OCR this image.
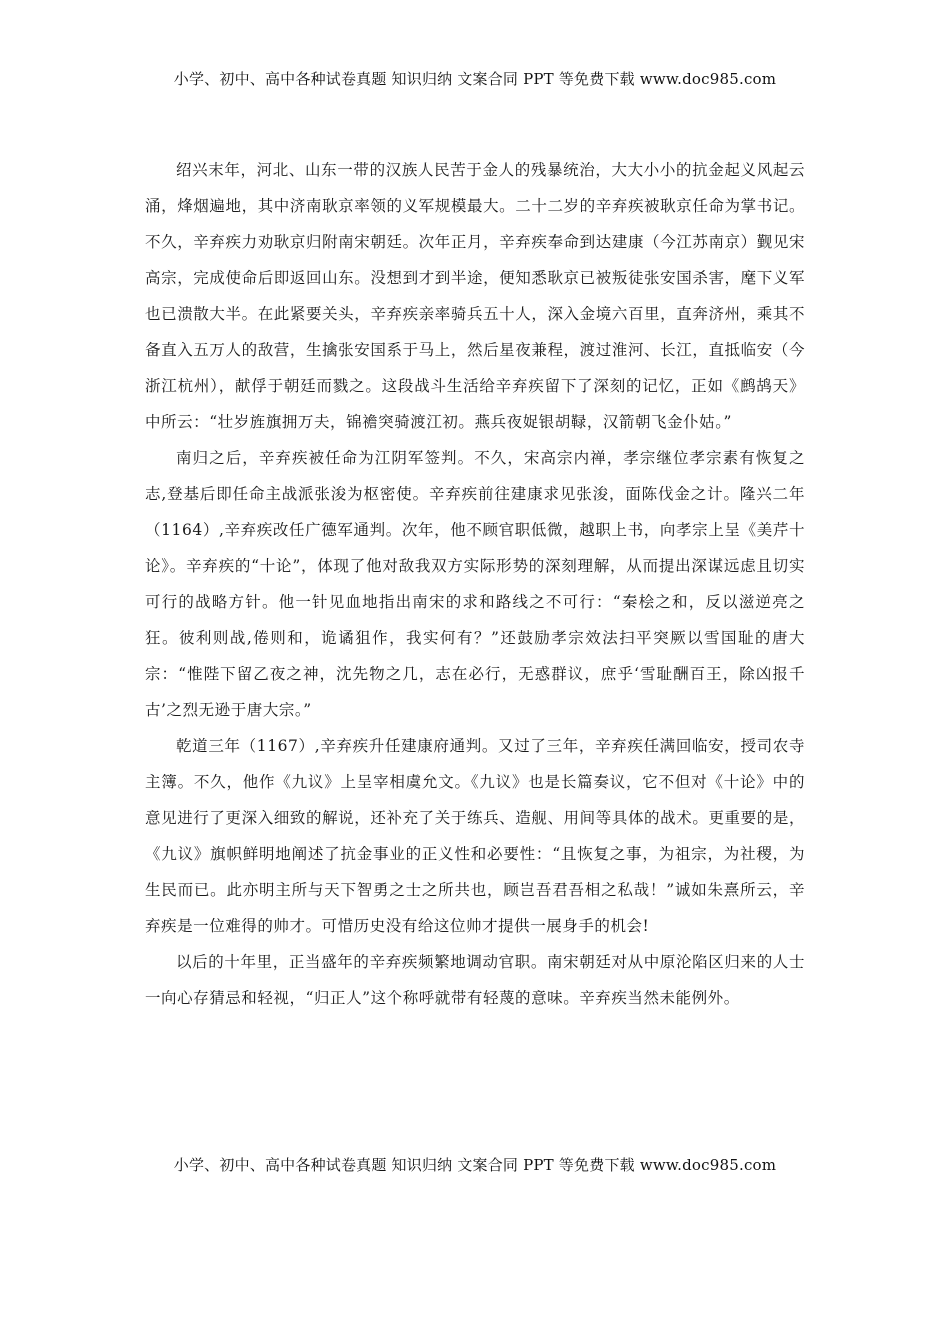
小学、初中、高中各种试卷真题 知识归纳 文案合同 PPT 等免费下载 www.doc985.com

绍兴末年，河北、山东一带的汉族人民苦于金人的残暴统治，大大小小的抗金起义风起云涌，烽烟遍地，其中济南耿京率领的义军规模最大。二十二岁的辛弃疾被耿京任命为掌书记。不久，辛弃疾力劝耿京归附南宋朝廷。次年正月，辛弃疾奉命到达建康（今江苏南京）觐见宋高宗，完成使命后即返回山东。没想到才到半途，便知悉耿京已被叛徒张安国杀害，麾下义军也已溃散大半。在此紧要关头，辛弃疾亲率骑兵五十人，深入金境六百里，直奔济州，乘其不备直入五万人的敌营，生擒张安国系于马上，然后星夜兼程，渡过淮河、长江，直抵临安（今浙江杭州），献俘于朝廷而戮之。这段战斗生活给辛弃疾留下了深刻的记忆，正如《鹧鸪天》中所云：“壮岁旌旗拥万夫，锦襜突骑渡江初。燕兵夜娖银胡䩮，汉箭朝飞金仆姑。”

南归之后，辛弃疾被任命为江阴军签判。不久，宋高宗内禅，孝宗继位孝宗素有恢复之志,登基后即任命主战派张浚为枢密使。辛弃疾前往建康求见张浚，面陈伐金之计。隆兴二年（1164）,辛弃疾改任广德军通判。次年，他不顾官职低微，越职上书，向孝宗上呈《美芹十论》。辛弃疾的“十论”，体现了他对敌我双方实际形势的深刻理解，从而提出深谋远虑且切实可行的战略方针。他一针见血地指出南宋的求和路线之不可行：“秦桧之和，反以滋逆亮之狂。彼利则战,倦则和，诡谲狙作，我实何有？”还鼓励孝宗效法扫平突厥以雪国耻的唐大宗：“惟陛下留乙夜之神，沈先物之几，志在必行，无惑群议，庶乎‘雪耻酬百王，除凶报千古’之烈无逊于唐大宗。”

乾道三年（1167）,辛弃疾升任建康府通判。又过了三年，辛弃疾任满回临安，授司农寺主簿。不久，他作《九议》上呈宰相虞允文。《九议》也是长篇奏议，它不但对《十论》中的意见进行了更深入细致的解说，还补充了关于练兵、造舰、用间等具体的战术。更重要的是，《九议》旗帜鲜明地阐述了抗金事业的正义性和必要性：“且恢复之事，为祖宗，为社稷，为生民而已。此亦明主所与天下智勇之士之所共也，顾岂吾君吾相之私哉！”诚如朱熹所云，辛弃疾是一位难得的帅才。可惜历史没有给这位帅才提供一展身手的机会!

以后的十年里，正当盛年的辛弃疾频繁地调动官职。南宋朝廷对从中原沦陷区归来的人士一向心存猜忌和轻视，“归正人”这个称呼就带有轻蔑的意味。辛弃疾当然未能例外。

小学、初中、高中各种试卷真题 知识归纳 文案合同 PPT 等免费下载 www.doc985.com
